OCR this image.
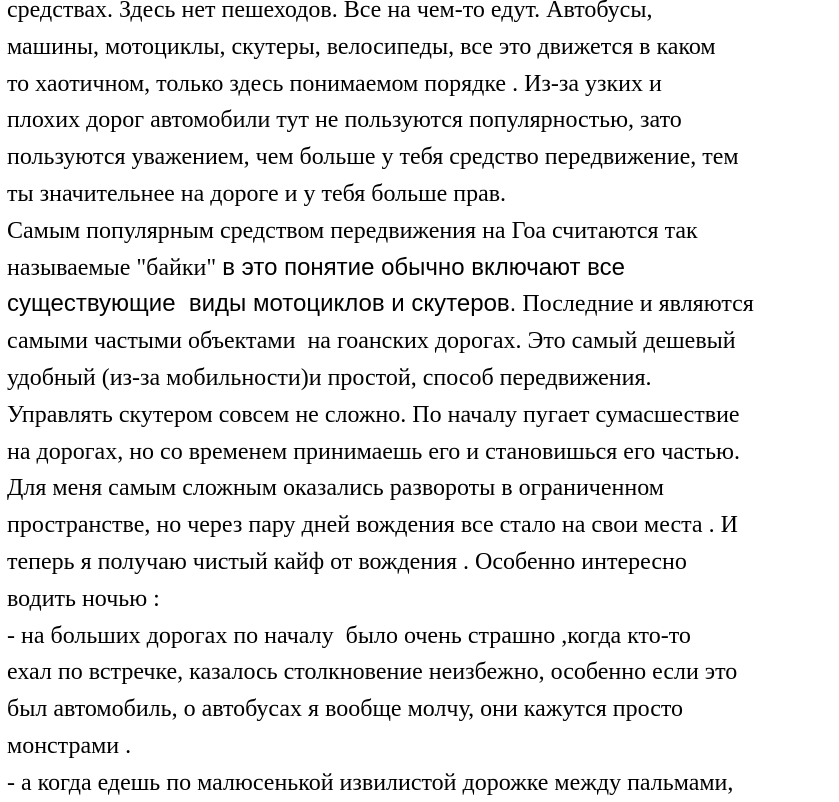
средствах. Здесь нет пешеходов. Все на чем-то едут. Автобусы,
машины, мотоциклы, скутеры, велосипеды, все это движется в каком
то хаотичном, только здесь понимаемом порядке . Из-за узких и
плохих дорог автомобили тут не пользуются популярностью, зато
пользуются уважением, чем больше у тебя средство передвижение, тем
ты значительнее на дороге и у тебя больше прав.
Самым популярным средством передвижения на Гоа считаются так
называемые "байки" в это понятие обычно включают все
существующие  виды мотоциклов и скутеров. Последние и являются
самыми частыми объектами  на гоанских дорогах. Это самый дешевый
удобный (из-за мобильности)и простой, способ передвижения.
Управлять скутером совсем не сложно. По началу пугает сумасшествие
на дорогах, но со временем принимаешь его и становишься его частью.
Для меня самым сложным оказались развороты в ограниченном
пространстве, но через пару дней вождения все стало на свои места . И
теперь я получаю чистый кайф от вождения . Особенно интересно
водить ночью :
- на больших дорогах по началу  было очень страшно ,когда кто-то
ехал по встречке, казалось столкновение неизбежно, особенно если это
был автомобиль, о автобусах я вообще молчу, они кажутся просто
монстрами .
- а когда едешь по малюсенькой извилистой дорожке между пальмами,
